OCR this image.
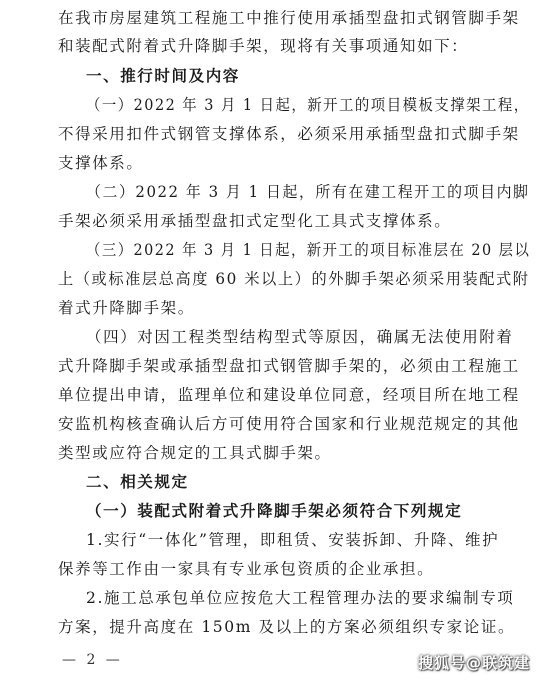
在我市房屋建筑工程施工中推行使用承插型盘扣式钢管脚手架
和装配式附着式升降脚手架，现将有关事项通知如下：
一、推行时间及内容
（一）2022 年 3 月 1 日起，新开工的项目模板支撑架工程，
不得采用扣件式钢管支撑体系，必须采用承插型盘扣式脚手架
支撑体系。
（二）2022 年 3 月 1 日起，所有在建工程开工的项目内脚
手架必须采用承插型盘扣式定型化工具式支撑体系。
（三）2022 年 3 月 1 日起，新开工的项目标准层在 20 层以
上（或标准层总高度 60 米以上）的外脚手架必须采用装配式附
着式升降脚手架。
（四）对因工程类型结构型式等原因，确属无法使用附着
式升降脚手架或承插型盘扣式钢管脚手架的，必须由工程施工
单位提出申请，监理单位和建设单位同意，经项目所在地工程
安监机构核查确认后方可使用符合国家和行业规范规定的其他
类型或应符合规定的工具式脚手架。
二、相关规定
（一）装配式附着式升降脚手架必须符合下列规定
1.实行“一体化”管理，即租赁、安装拆卸、升降、维护
保养等工作由一家具有专业承包资质的企业承担。
2.施工总承包单位应按危大工程管理办法的要求编制专项
方案，提升高度在 150m 及以上的方案必须组织专家论证。
— 2 —	搜狐号@联筑建
